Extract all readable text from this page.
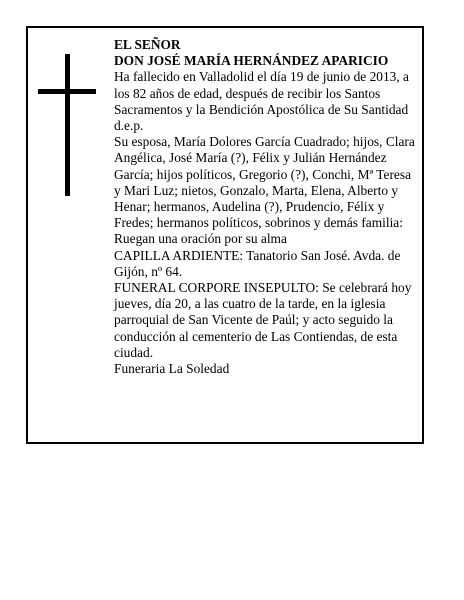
EL SEÑOR

DON JOSÉ MARÍA HERNÁNDEZ APARICIO

Ha fallecido en Valladolid el día 19 de junio de 2013, a los 82 años de edad, después de recibir los Santos Sacramentos y la Bendición Apostólica de Su Santidad d.e.p.

Su esposa, María Dolores García Cuadrado; hijos, Clara Angélica, José María (?), Félix y Julián Hernández García; hijos políticos, Gregorio (?), Conchi, Mª Teresa y Mari Luz; nietos, Gonzalo, Marta, Elena, Alberto y Henar; hermanos, Audelina (?), Prudencio, Félix y Fredes; hermanos políticos, sobrinos y demás familia:

Ruegan una oración por su alma

CAPILLA ARDIENTE: Tanatorio San José. Avda. de Gijón, nº 64.

FUNERAL CORPORE INSEPULTO: Se celebrará hoy jueves, día 20, a las cuatro de la tarde, en la iglesia parroquial de San Vicente de Paúl; y acto seguido la conducción al cementerio de Las Contiendas, de esta ciudad.

Funeraria La Soledad
